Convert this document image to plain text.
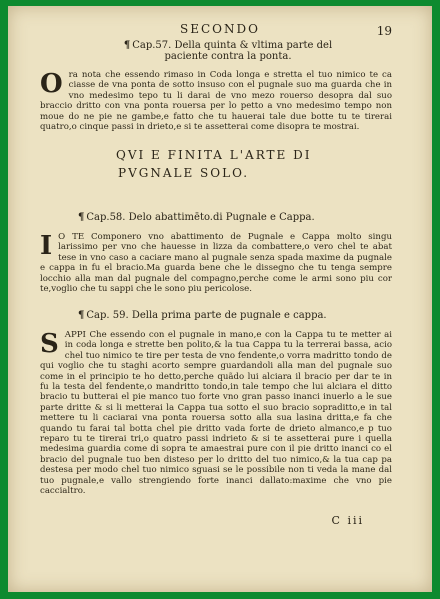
SECONDO	19
¶ Cap.57. Della quinta & vltima parte del
paciente contra la ponta.
Ora nota che essendo rimaso in Coda longa e stretta el tuo nimico te ca ciasse de vna ponta de sotto insuso con el pugnale suo ma guarda che in vno medesimo tepo tu li darai de vno mezo rouerso desopra dal suo braccio dritto con vna ponta rouersa per lo petto a vno medesimo tempo non moue do ne pie ne gambe,e fatto che tu hauerai tale due botte tu te tirerai quatro,o cinque passi in drieto,e si te assetterai come disopra te mostrai.
QVI E FINITA L'ARTE DI
PVGNALE SOLO.
¶ Cap.58. Delo abattimēto.di Pugnale e Cappa.
I O TE Componero vno abattimento de Pugnale e Cappa molto singu larissimo per vno che hauesse in lizza da combattere,o vero chel te abat tese in vno caso a caciare mano al pugnale senza spada maxime da pugnale e cappa in fu el bracio.Ma guarda bene che le dissegno che tu tenga sempre locchio alla man dal pugnale del compagno,perche come le armi sono piu cor te,voglio che tu sappi che le sono piu pericolose.
¶ Cap. 59. Della prima parte de pugnale e cappa.
SAPPI Che essendo con el pugnale in mano,e con la Cappa tu te metter ai in coda longa e strette ben polito,& la tua Cappa tu la terrerai bassa, acio chel tuo nimico te tire per testa de vno fendente,o vorra madritto tondo de qui voglio che tu staghi acorto sempre guardandoli alla man del pugnale suo come in el principio te ho detto,perche quãdo lui alciara il bracio per dar te in fu la testa del fendente,o mandritto tondo,in tale tempo che lui alciara el ditto bracio tu butterai el pie manco tuo forte vno gran passo inanci inuerlo a le sue parte dritte & si li metterai la Cappa tua sotto el suo bracio sopraditto,e in tal mettere tu li caciarai vna ponta rouersa sotto alla sua lasina dritta,e fa che quando tu farai tal botta chel pie dritto vada forte de drieto almanco,e p tuo reparo tu te tirerai tri,o quatro passi indrieto & si te assetterai pure i quella medesima guardia come di sopra te amaestrai pure con il pie dritto inanci co el bracio del pugnale tuo ben disteso per lo dritto del tuo nimico,& la tua cap pa destesa per modo chel tuo nimico sguasi se le possibile non ti veda la mane dal tuo pugnale,e vallo strengiendo forte inanci dallato:maxime che vno pie caccialtro.
C iii
